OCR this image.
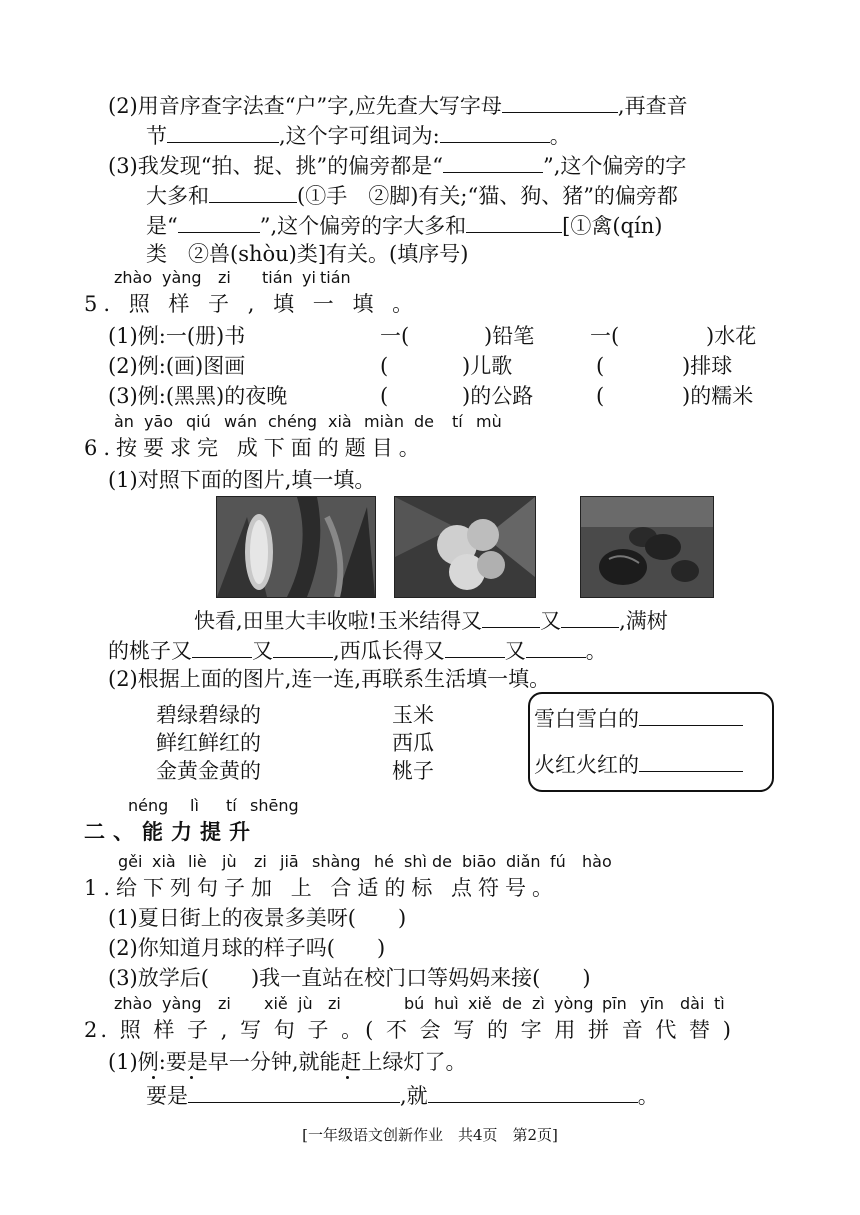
(2)用音序查字法查“户”字,应先查大写字母	,再查音
节	,这个字可组词为:	。
(3)我发现“拍、捉、挑”的偏旁都是“	”,这个偏旁的字
大多和	(①手　②脚)有关;“猫、狗、猪”的偏旁都
是“	”,这个偏旁的字大多和	[①禽(qín)
类　②兽(shòu)类]有关。(填序号)
zhào yàng zi tián yi tián
5. 照 样 子 , 填 一 填 。
(1)例:一(册)书	一(	)铅笔	一(	)水花
(2)例:(画)图画	(	)儿歌	(	)排球
(3)例:(黑黑)的夜晚	(	)的公路	(	)的糯米
àn yāo qiú wán chéng xià miàn de tí mù
6.按要求完 成下面的题目。
(1)对照下面的图片,填一填。
快看,田里大丰收啦!玉米结得又	又	,满树
的桃子又	又	,西瓜长得又	又	。
(2)根据上面的图片,连一连,再联系生活填一填。
碧绿碧绿的
鲜红鲜红的
金黄金黄的
玉米
西瓜
桃子
雪白雪白的
火红火红的
néng lì tí shēng
二、能力提升
gěi xià liè jù zi jiā shàng hé shì de biāo diǎn fú hào
1.给下列句子加 上 合适的标 点符号。
(1)夏日街上的夜景多美呀(　　)
(2)你知道月球的样子吗(　　)
(3)放学后(　　)我一直站在校门口等妈妈来接(　　)
zhào yàng zi xiě jù zi	bú huì xiě de zì yòng pīn yīn dài tì
2. 照 样 子 , 写 句 子 。( 不 会 写 的 字 用 拼 音 代 替 )
(1)例:要是早一分钟,就能赶上绿灯了。
要是	,就	。
[一年级语文创新作业　共4页　第2页]
